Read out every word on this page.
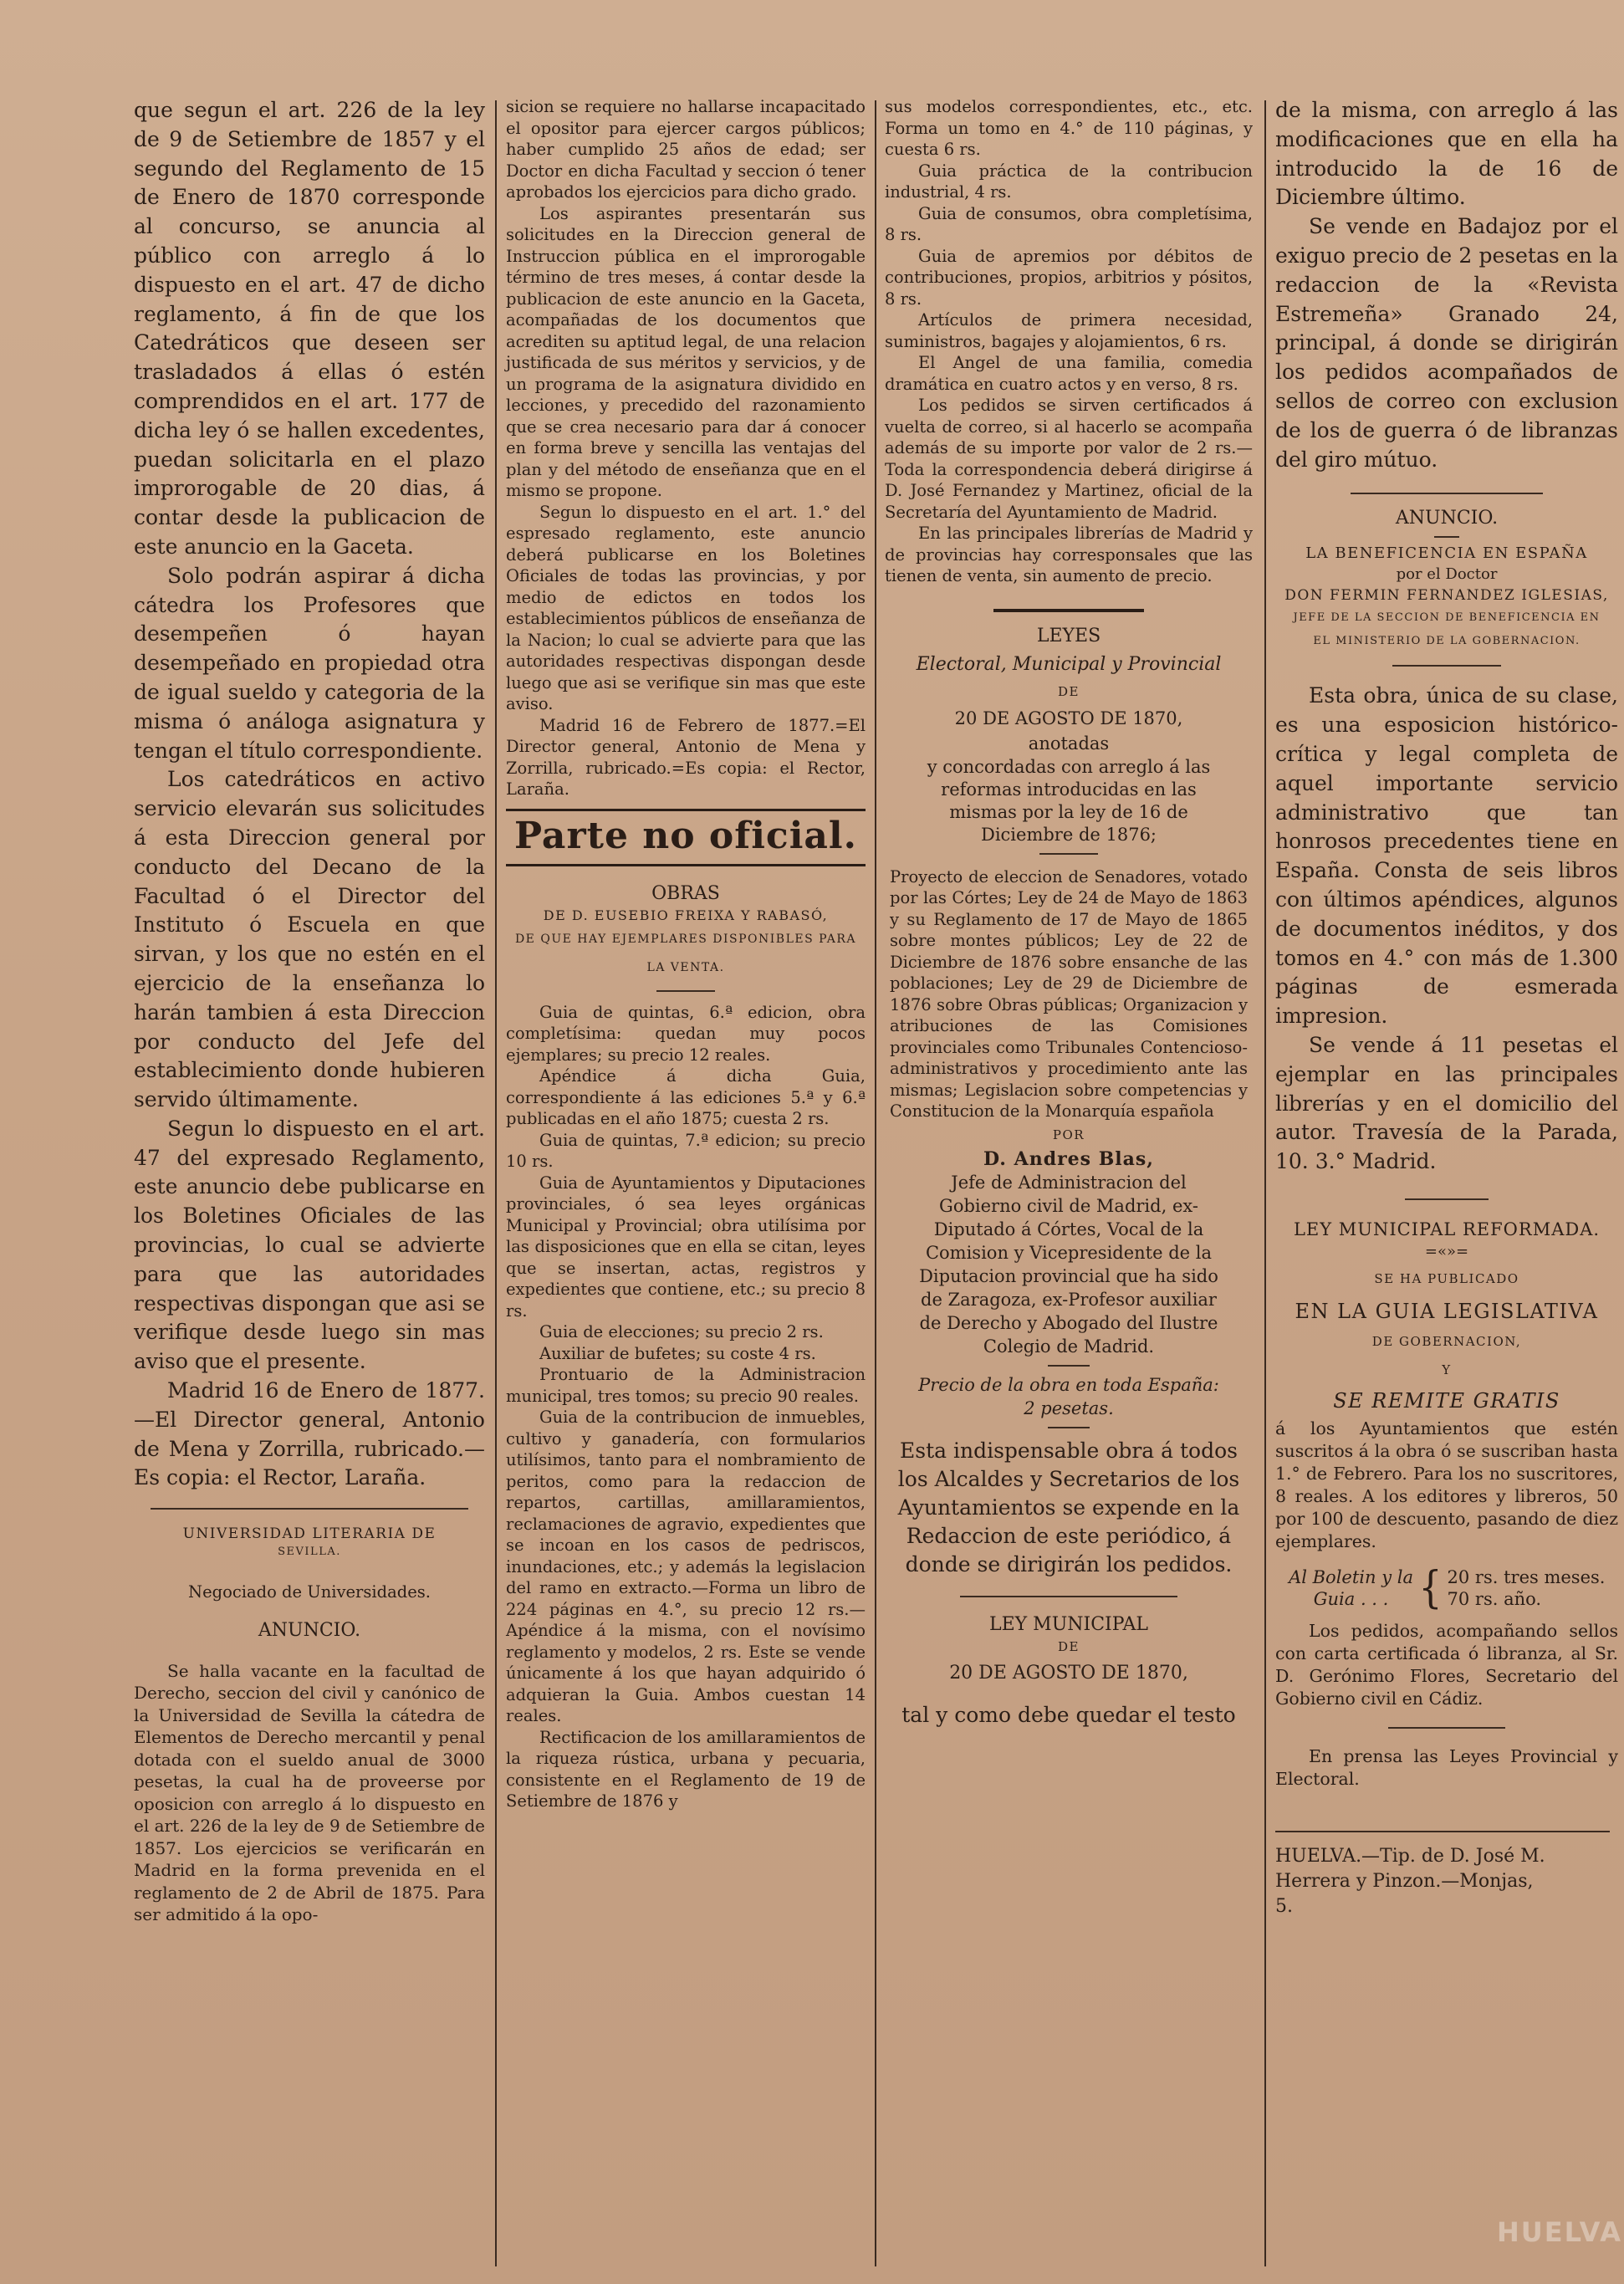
que segun el art. 226 de la ley de 9 de Setiembre de 1857 y el segundo del Reglamento de 15 de Enero de 1870 corresponde al concurso, se anuncia al público con arreglo á lo dispuesto en el art. 47 de dicho reglamento, á fin de que los Catedráticos que deseen ser trasladados á ellas ó estén comprendidos en el art. 177 de dicha ley ó se hallen excedentes, puedan solicitarla en el plazo improrogable de 20 dias, á contar desde la publicacion de este anuncio en la Gaceta.

Solo podrán aspirar á dicha cátedra los Profesores que desempeñen ó hayan desempeñado en propiedad otra de igual sueldo y categoria de la misma ó análoga asignatura y tengan el título correspondiente.

Los catedráticos en activo servicio elevarán sus solicitudes á esta Direccion general por conducto del Decano de la Facultad ó el Director del Instituto ó Escuela en que sirvan, y los que no estén en el ejercicio de la enseñanza lo harán tambien á esta Direccion por conducto del Jefe del establecimiento donde hubieren servido últimamente.

Segun lo dispuesto en el art. 47 del expresado Reglamento, este anuncio debe publicarse en los Boletines Oficiales de las provincias, lo cual se advierte para que las autoridades respectivas dispongan que asi se verifique desde luego sin mas aviso que el presente.

Madrid 16 de Enero de 1877.—El Director general, Antonio de Mena y Zorrilla, rubricado.—Es copia: el Rector, Laraña.

UNIVERSIDAD LITERARIA DE

SEVILLA.

Negociado de Universidades.

ANUNCIO.

Se halla vacante en la facultad de Derecho, seccion del civil y canónico de la Universidad de Sevilla la cátedra de Elementos de Derecho mercantil y penal dotada con el sueldo anual de 3000 pesetas, la cual ha de proveerse por oposicion con arreglo á lo dispuesto en el art. 226 de la ley de 9 de Setiembre de 1857. Los ejercicios se verificarán en Madrid en la forma prevenida en el reglamento de 2 de Abril de 1875. Para ser admitido á la opo-

sicion se requiere no hallarse incapacitado el opositor para ejercer cargos públicos; haber cumplido 25 años de edad; ser Doctor en dicha Facultad y seccion ó tener aprobados los ejercicios para dicho grado.

Los aspirantes presentarán sus solicitudes en la Direccion general de Instruccion pública en el improrogable término de tres meses, á contar desde la publicacion de este anuncio en la Gaceta, acompañadas de los documentos que acrediten su aptitud legal, de una relacion justificada de sus méritos y servicios, y de un programa de la asignatura dividido en lecciones, y precedido del razonamiento que se crea necesario para dar á conocer en forma breve y sencilla las ventajas del plan y del método de enseñanza que en el mismo se propone.

Segun lo dispuesto en el art. 1.° del espresado reglamento, este anuncio deberá publicarse en los Boletines Oficiales de todas las provincias, y por medio de edictos en todos los establecimientos públicos de enseñanza de la Nacion; lo cual se advierte para que las autoridades respectivas dispongan desde luego que asi se verifique sin mas que este aviso.

Madrid 16 de Febrero de 1877.=El Director general, Antonio de Mena y Zorrilla, rubricado.=Es copia: el Rector, Laraña.

Parte no oficial.

OBRAS

DE D. EUSEBIO FREIXA Y RABASÓ,

DE QUE HAY EJEMPLARES DISPONIBLES PARA LA VENTA.

Guia de quintas, 6.ª edicion, obra completísima: quedan muy pocos ejemplares; su precio 12 reales.

Apéndice á dicha Guia, correspondiente á las ediciones 5.ª y 6.ª publicadas en el año 1875; cuesta 2 rs.

Guia de quintas, 7.ª edicion; su precio 10 rs.

Guia de Ayuntamientos y Diputaciones provinciales, ó sea leyes orgánicas Municipal y Provincial; obra utilísima por las disposiciones que en ella se citan, leyes que se insertan, actas, registros y expedientes que contiene, etc.; su precio 8 rs.

Guia de elecciones; su precio 2 rs.

Auxiliar de bufetes; su coste 4 rs.

Prontuario de la Administracion municipal, tres tomos; su precio 90 reales.

Guia de la contribucion de inmuebles, cultivo y ganadería, con formularios utilísimos, tanto para el nombramiento de peritos, como para la redaccion de repartos, cartillas, amillaramientos, reclamaciones de agravio, expedientes que se incoan en los casos de pedriscos, inundaciones, etc.; y además la legislacion del ramo en extracto.—Forma un libro de 224 páginas en 4.°, su precio 12 rs.—Apéndice á la misma, con el novísimo reglamento y modelos, 2 rs. Este se vende únicamente á los que hayan adquirido ó adquieran la Guia. Ambos cuestan 14 reales.

Rectificacion de los amillaramientos de la riqueza rústica, urbana y pecuaria, consistente en el Reglamento de 19 de Setiembre de 1876 y

sus modelos correspondientes, etc., etc. Forma un tomo en 4.° de 110 páginas, y cuesta 6 rs.

Guia práctica de la contribucion industrial, 4 rs.

Guia de consumos, obra completísima, 8 rs.

Guia de apremios por débitos de contribuciones, propios, arbitrios y pósitos, 8 rs.

Artículos de primera necesidad, suministros, bagajes y alojamientos, 6 rs.

El Angel de una familia, comedia dramática en cuatro actos y en verso, 8 rs.

Los pedidos se sirven certificados á vuelta de correo, si al hacerlo se acompaña además de su importe por valor de 2 rs.—Toda la correspondencia deberá dirigirse á D. José Fernandez y Martinez, oficial de la Secretaría del Ayuntamiento de Madrid.

En las principales librerías de Madrid y de provincias hay corresponsales que las tienen de venta, sin aumento de precio.

LEYES

Electoral, Municipal y Provincial

DE

20 DE AGOSTO DE 1870,

anotadas

y concordadas con arreglo á las reformas introducidas en las mismas por la ley de 16 de Diciembre de 1876;

Proyecto de eleccion de Senadores, votado por las Córtes; Ley de 24 de Mayo de 1863 y su Reglamento de 17 de Mayo de 1865 sobre montes públicos; Ley de 22 de Diciembre de 1876 sobre ensanche de las poblaciones; Ley de 29 de Diciembre de 1876 sobre Obras públicas; Organizacion y atribuciones de las Comisiones provinciales como Tribunales Contencioso-administrativos y procedimiento ante las mismas; Legislacion sobre competencias y Constitucion de la Monarquía española

POR

D. Andres Blas,

Jefe de Administracion del Gobierno civil de Madrid, ex-Diputado á Córtes, Vocal de la Comision y Vicepresidente de la Diputacion provincial que ha sido de Zaragoza, ex-Profesor auxiliar de Derecho y Abogado del Ilustre Colegio de Madrid.

Precio de la obra en toda España:

2 pesetas.

Esta indispensable obra á todos los Alcaldes y Secretarios de los Ayuntamientos se expende en la Redaccion de este periódico, á donde se dirigirán los pedidos.

LEY MUNICIPAL

DE

20 DE AGOSTO DE 1870,

tal y como debe quedar el testo

de la misma, con arreglo á las modificaciones que en ella ha introducido la de 16 de Diciembre último.

Se vende en Badajoz por el exiguo precio de 2 pesetas en la redaccion de la «Revista Estremeña» Granado 24, principal, á donde se dirigirán los pedidos acompañados de sellos de correo con exclusion de los de guerra ó de libranzas del giro mútuo.

ANUNCIO.

LA BENEFICENCIA EN ESPAÑA

por el Doctor

DON FERMIN FERNANDEZ IGLESIAS,

JEFE DE LA SECCION DE BENEFICENCIA EN EL MINISTERIO DE LA GOBERNACION.

Esta obra, única de su clase, es una esposicion histórico-crítica y legal completa de aquel importante servicio administrativo que tan honrosos precedentes tiene en España. Consta de seis libros con últimos apéndices, algunos de documentos inéditos, y dos tomos en 4.° con más de 1.300 páginas de esmerada impresion.

Se vende á 11 pesetas el ejemplar en las principales librerías y en el domicilio del autor. Travesía de la Parada, 10. 3.° Madrid.

LEY MUNICIPAL REFORMADA.

=«»=

SE HA PUBLICADO

EN LA GUIA LEGISLATIVA

DE GOBERNACION,

Y

SE REMITE GRATIS

á los Ayuntamientos que estén suscritos á la obra ó se suscriban hasta 1.° de Febrero. Para los no suscritores, 8 reales. A los editores y libreros, 50 por 100 de descuento, pasando de diez ejemplares.

Al Boletin y la Guia . . . { 20 rs. tres meses.
70 rs. año.

Los pedidos, acompañando sellos con carta certificada ó libranza, al Sr. D. Gerónimo Flores, Secretario del Gobierno civil en Cádiz.

En prensa las Leyes Provincial y Electoral.

HUELVA.—Tip. de D. José M. Herrera y Pinzon.—Monjas, 5.

HUELVA
